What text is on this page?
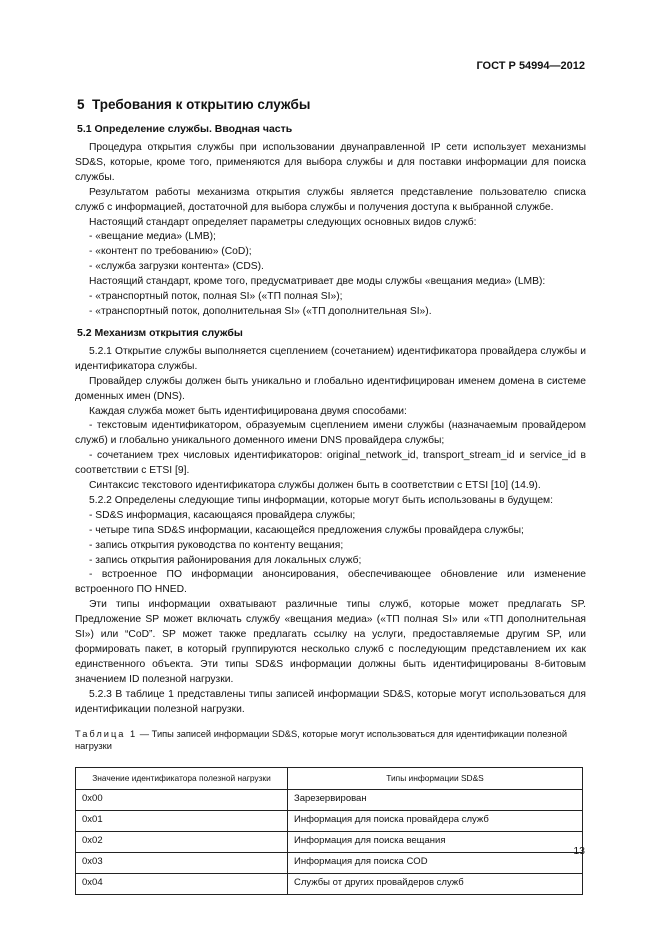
ГОСТ Р 54994—2012
5 Требования к открытию службы
5.1 Определение службы. Вводная часть

Процедура открытия службы при использовании двунаправленной IP сети использует механизмы SD&S, которые, кроме того, применяются для выбора службы и для поставки информации для поиска службы.

Результатом работы механизма открытия службы является представление пользователю списка служб с информацией, достаточной для выбора службы и получения доступа к выбранной службе.

Настоящий стандарт определяет параметры следующих основных видов служб:

- «вещание медиа» (LMB);

- «контент по требованию» (CoD);

- «служба загрузки контента» (CDS).

Настоящий стандарт, кроме того, предусматривает две моды службы «вещания медиа» (LMB):

- «транспортный поток, полная SI» («ТП полная SI»);

- «транспортный поток, дополнительная SI» («ТП дополнительная SI»).

5.2 Механизм открытия службы

5.2.1 Открытие службы выполняется сцеплением (сочетанием) идентификатора провайдера службы и идентификатора службы.

Провайдер службы должен быть уникально и глобально идентифицирован именем домена в системе доменных имен (DNS).

Каждая служба может быть идентифицирована двумя способами:

- текстовым идентификатором, образуемым сцеплением имени службы (назначаемым провайдером служб) и глобально уникального доменного имени DNS провайдера службы;

- сочетанием трех числовых идентификаторов: original_network_id, transport_stream_id и service_id в соответствии с ETSI [9].

Синтаксис текстового идентификатора службы должен быть в соответствии с ETSI [10] (14.9).

5.2.2 Определены следующие типы информации, которые могут быть использованы в будущем:

- SD&S информация, касающаяся провайдера службы;

- четыре типа SD&S информации, касающейся предложения службы провайдера службы;

- запись открытия руководства по контенту вещания;

- запись открытия районирования для локальных служб;

- встроенное ПО информации анонсирования, обеспечивающее обновление или изменение встроенного ПО HNED.

Эти типы информации охватывают различные типы служб, которые может предлагать SP. Предложение SP может включать службу «вещания медиа» («ТП полная SI» или «ТП дополнительная SI») или “CoD”. SP может также предлагать ссылку на услуги, предоставляемые другим SP, или формировать пакет, в который группируются несколько служб с последующим представлением их как единственного объекта. Эти типы SD&S информации должны быть идентифицированы 8-битовым значением ID полезной нагрузки.

5.2.3 В таблице 1 представлены типы записей информации SD&S, которые могут использоваться для идентификации полезной нагрузки.

Таблица 1 — Типы записей информации SD&S, которые могут использоваться для идентификации полезной нагрузки
Значение идентификатора полезной нагрузки	Типы информации SD&S
0x00	Зарезервирован
0x01	Информация для поиска провайдера служб
0x02	Информация для поиска вещания
0x03	Информация для поиска COD
0x04	Службы от других провайдеров служб
13
